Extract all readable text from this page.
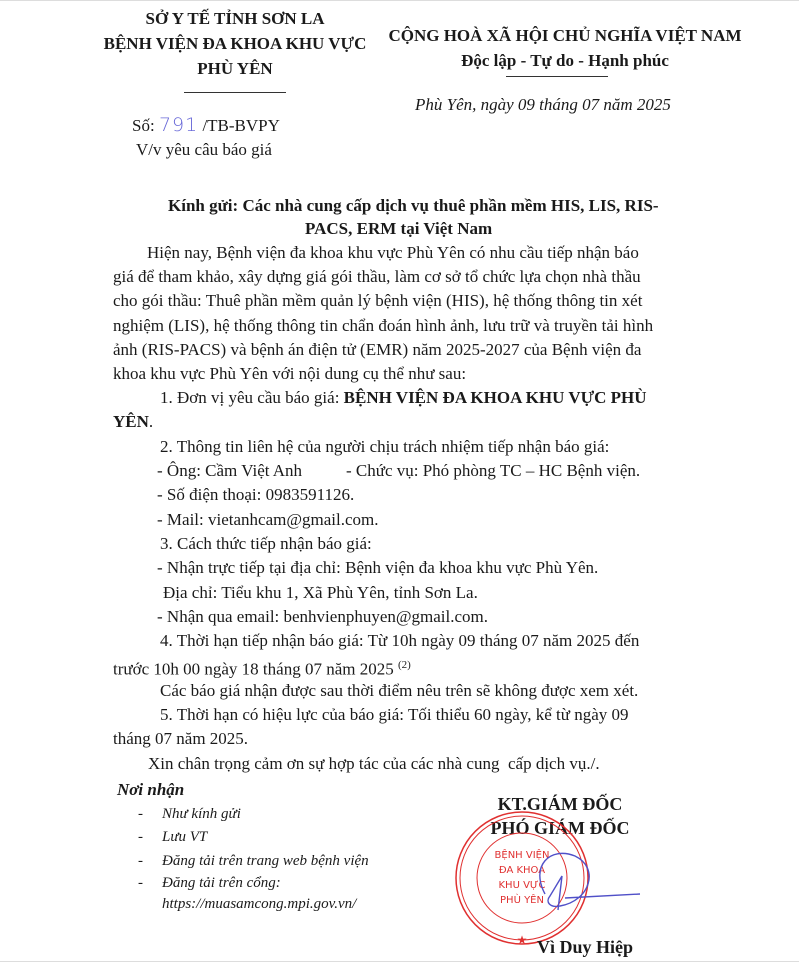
SỞ Y TẾ TỈNH SƠN LA
BỆNH VIỆN ĐA KHOA KHU VỰC
PHÙ YÊN
Số: 791 /TB-BVPY
V/v yêu câu báo giá
CỘNG HOÀ XÃ HỘI CHỦ NGHĨA VIỆT NAM
Độc lập - Tự do - Hạnh phúc
Phù Yên, ngày 09 tháng 07 năm 2025
Kính gửi: Các nhà cung cấp dịch vụ thuê phần mềm HIS, LIS, RIS-
PACS, ERM tại Việt Nam
Hiện nay, Bệnh viện đa khoa khu vực Phù Yên có nhu cầu tiếp nhận báo
giá để tham khảo, xây dựng giá gói thầu, làm cơ sở tổ chức lựa chọn nhà thầu
cho gói thầu: Thuê phần mềm quản lý bệnh viện (HIS), hệ thống thông tin xét
nghiệm (LIS), hệ thống thông tin chẩn đoán hình ảnh, lưu trữ và truyền tải hình
ảnh (RIS-PACS) và bệnh án điện tử (EMR) năm 2025-2027 của Bệnh viện đa
khoa khu vực Phù Yên với nội dung cụ thể như sau:
1. Đơn vị yêu cầu báo giá: BỆNH VIỆN ĐA KHOA KHU VỰC PHÙ
YÊN.
2. Thông tin liên hệ của người chịu trách nhiệm tiếp nhận báo giá:
- Ông: Cầm Việt Anh	- Chức vụ: Phó phòng TC – HC Bệnh viện.
- Số điện thoại: 0983591126.
- Mail: vietanhcam@gmail.com.
3. Cách thức tiếp nhận báo giá:
- Nhận trực tiếp tại địa chỉ: Bệnh viện đa khoa khu vực Phù Yên.
Địa chỉ: Tiểu khu 1, Xã Phù Yên, tỉnh Sơn La.
- Nhận qua email: benhvienphuyen@gmail.com.
4. Thời hạn tiếp nhận báo giá: Từ 10h ngày 09 tháng 07 năm 2025 đến
trước 10h 00 ngày 18 tháng 07 năm 2025 $^{(2)}$
Các báo giá nhận được sau thời điểm nêu trên sẽ không được xem xét.
5. Thời hạn có hiệu lực của báo giá: Tối thiểu 60 ngày, kể từ ngày 09
tháng 07 năm 2025.
Xin chân trọng cảm ơn sự hợp tác của các nhà cung  cấp dịch vụ./.
Nơi nhận
- Như kính gửi
- Lưu VT
- Đăng tải trên trang web bệnh viện
- Đăng tải trên cổng:
https://muasamcong.mpi.gov.vn/
KT.GIÁM ĐỐC
PHÓ GIÁM ĐỐC
BỆNH VIỆN
ĐA KHOA
KHU VỰC
PHÙ YÊN
★ Vì Duy Hiệp
